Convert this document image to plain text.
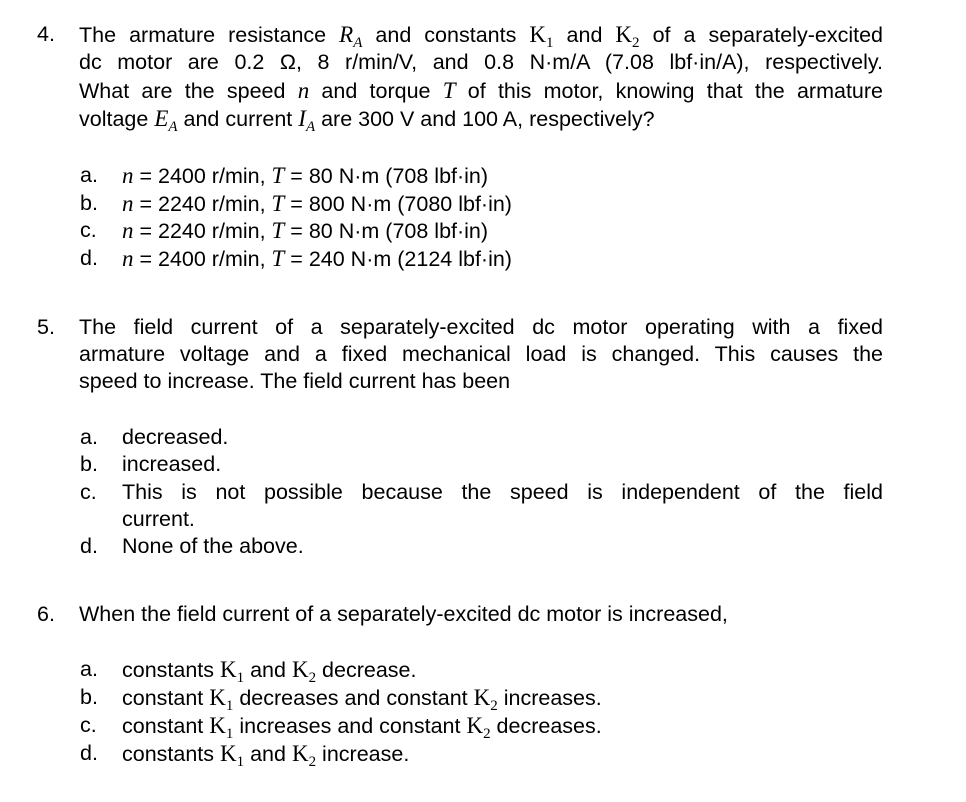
4. The armature resistance $R_A$ and constants $K_1$ and $K_2$ of a separately-excited
dc motor are 0.2 Ω, 8 r/min/V, and 0.8 N·m/A (7.08 lbf·in/A), respectively.
What are the speed n and torque T of this motor, knowing that the armature
voltage $E_A$ and current $I_A$ are 300 V and 100 A, respectively?
a. n = 2400 r/min, T = 80 N·m (708 lbf·in)
b. n = 2240 r/min, T = 800 N·m (7080 lbf·in)
c. n = 2240 r/min, T = 80 N·m (708 lbf·in)
d. n = 2400 r/min, T = 240 N·m (2124 lbf·in)
5. The field current of a separately-excited dc motor operating with a fixed
armature voltage and a fixed mechanical load is changed. This causes the
speed to increase. The field current has been
a. decreased.
b. increased.
c. This is not possible because the speed is independent of the field
current.
d. None of the above.
6. When the field current of a separately-excited dc motor is increased,
a. constants $K_1$ and $K_2$ decrease.
b. constant $K_1$ decreases and constant $K_2$ increases.
c. constant $K_1$ increases and constant $K_2$ decreases.
d. constants $K_1$ and $K_2$ increase.
